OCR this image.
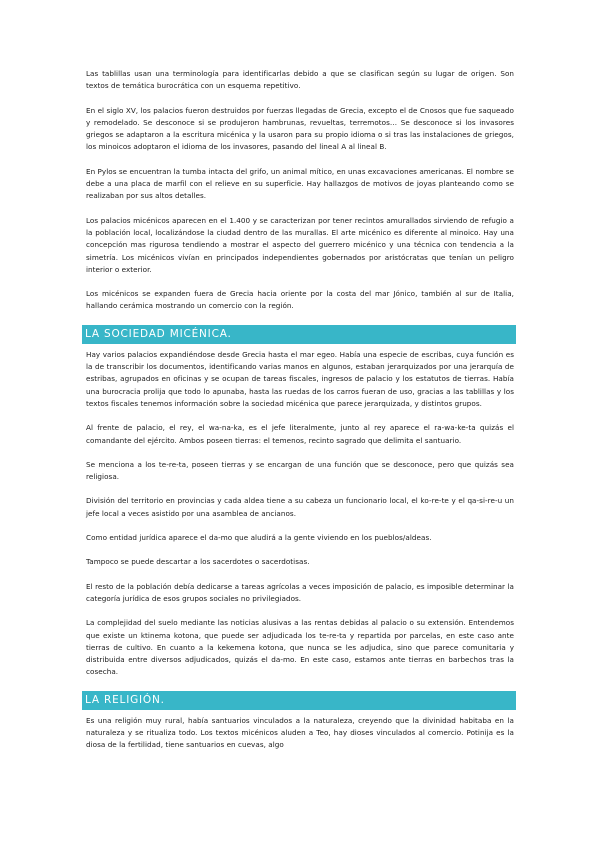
Las tablillas usan una terminología para identificarlas debido a que se clasifican según su lugar de origen. Son textos de temática burocrática con un esquema repetitivo.

En el siglo XV, los palacios fueron destruidos por fuerzas llegadas de Grecia, excepto el de Cnosos que fue saqueado y remodelado. Se desconoce si se produjeron hambrunas, revueltas, terremotos… Se desconoce si los invasores griegos se adaptaron a la escritura micénica y la usaron para su propio idioma o si tras las instalaciones de griegos, los minoicos adoptaron el idioma de los invasores, pasando del lineal A al lineal B.

En Pylos se encuentran la tumba intacta del grifo, un animal mítico, en unas excavaciones americanas. El nombre se debe a una placa de marfil con el relieve en su superficie. Hay hallazgos de motivos de joyas planteando como se realizaban por sus altos detalles.

Los palacios micénicos aparecen en el 1.400 y se caracterizan por tener recintos amurallados sirviendo de refugio a la población local, localizándose la ciudad dentro de las murallas. El arte micénico es diferente al minoico. Hay una concepción mas rigurosa tendiendo a mostrar el aspecto del guerrero micénico y una técnica con tendencia a la simetría. Los micénicos vivían en principados independientes gobernados por aristócratas que tenían un peligro interior o exterior.

Los micénicos se expanden fuera de Grecia hacia oriente por la costa del mar Jónico, también al sur de Italia, hallando cerámica mostrando un comercio con la región.

LA SOCIEDAD MICÉNICA.

Hay varios palacios expandiéndose desde Grecia hasta el mar egeo. Había una especie de escribas, cuya función es la de transcribir los documentos, identificando varias manos en algunos, estaban jerarquizados por una jerarquía de estribas, agrupados en oficinas y se ocupan de tareas fiscales, ingresos de palacio y los estatutos de tierras. Había una burocracia prolija que todo lo apunaba, hasta las ruedas de los carros fueran de uso, gracias a las tablillas y los textos fiscales tenemos información sobre la sociedad micénica que parece jerarquizada, y distintos grupos.

Al frente de palacio, el rey, el wa-na-ka, es el jefe literalmente, junto al rey aparece el ra-wa-ke-ta quizás el comandante del ejército. Ambos poseen tierras: el temenos, recinto sagrado que delimita el santuario.

Se menciona a los te-re-ta, poseen tierras y se encargan de una función que se desconoce, pero que quizás sea religiosa.

División del territorio en provincias y cada aldea tiene a su cabeza un funcionario local, el ko-re-te y el qa-si-re-u un jefe local a veces asistido por una asamblea de ancianos.

Como entidad jurídica aparece el da-mo que aludirá a la gente viviendo en los pueblos/aldeas.

Tampoco se puede descartar a los sacerdotes o sacerdotisas.

El resto de la población debía dedicarse a tareas agrícolas a veces imposición de palacio, es imposible determinar la categoría jurídica de esos grupos sociales no privilegiados.

La complejidad del suelo mediante las noticias alusivas a las rentas debidas al palacio o su extensión. Entendemos que existe un ktinema kotona, que puede ser adjudicada los te-re-ta y repartida por parcelas, en este caso ante tierras de cultivo. En cuanto a la kekemena kotona, que nunca se les adjudica, sino que parece comunitaria y distribuida entre diversos adjudicados, quizás el da-mo. En este caso, estamos ante tierras en barbechos tras la cosecha.

LA RELIGIÓN.

Es una religión muy rural, había santuarios vinculados a la naturaleza, creyendo que la divinidad habitaba en la naturaleza y se ritualiza todo. Los textos micénicos aluden a Teo, hay dioses vinculados al comercio. Potinija es la diosa de la fertilidad, tiene santuarios en cuevas, algo
